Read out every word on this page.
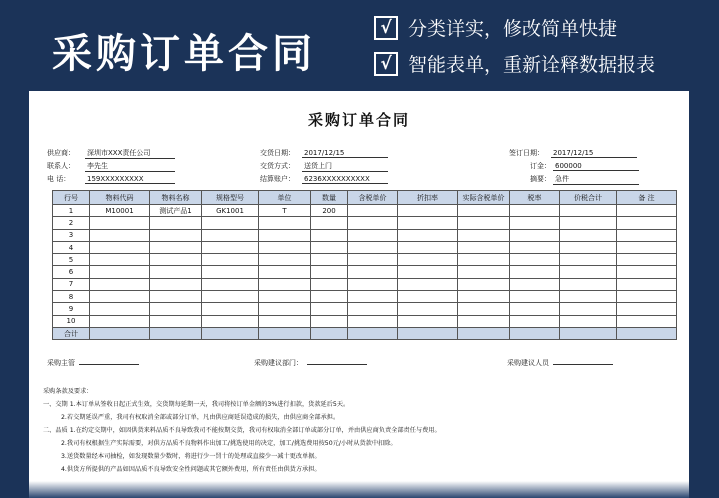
采购订单合同
√ 分类详实，修改简单快捷
√ 智能表单，重新诠释数据报表
采购订单合同
供应商： 深圳市XXX责任公司
联系人： 李先生
电 话： 159XXXXXXXXX
交货日期： 2017/12/15
交货方式： 送货上门
结算账户： 6236XXXXXXXXXX
签订日期： 2017/12/15
订金： 600000
摘要： 急件
行号	物料代码	物料名称	规格型号	单位	数量	含税单价	折扣率	实际含税单价	税率	价税合计	备 注
1	M10001	测试产品1	GK1001	T	200						
2											
3											
4											
5											
6											
7											
8											
9											
10											
合计											
采购主管	采购建议部门：	采购建议人员
采购条款及要求：
一、交期 1.本订单从签收日起正式生效，交货期每延期一天，我司将按订单金额的3%进行扣款，货款延后5天。
2.若交期延误严重，我司有权取消全部或部分订单，凡由供应商延误造成的损失，由供应商全部承担。
二、品质 1.在约定交期中，如因供货来料品质不良导致我司不能按期交货，我司有权取消全部订单或部分订单，并由供应商负责全部责任与费用。
2.我司有权根据生产实际需要，对供方品质不良物料作出加工/挑选使用的决定，加工/挑选费用按50元/小时从货款中扣除。
3.送货数量经本司抽检，如发现数量少数时，将进行少一罚十的处理或直接少一减十更改单据。
4.供货方所提供的产品如因品质不良导致安全性问题或其它额外费用，所有责任由供货方承担。
